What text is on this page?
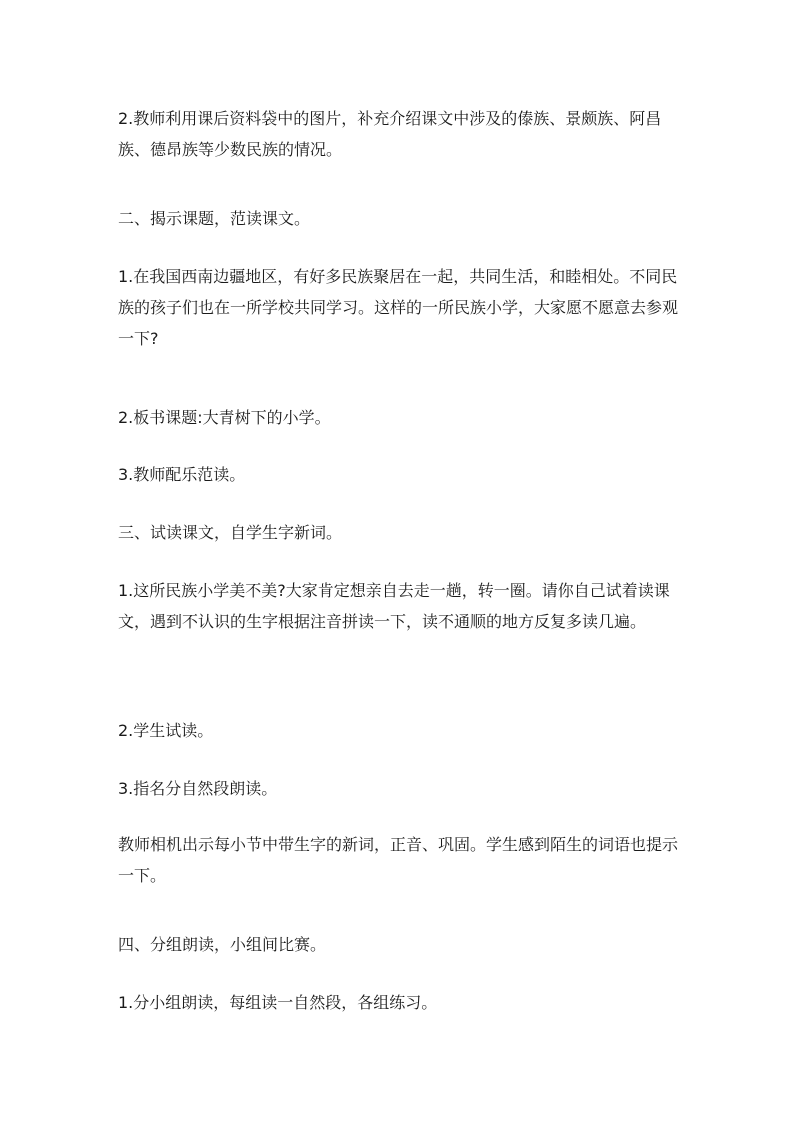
2.教师利用课后资料袋中的图片，补充介绍课文中涉及的傣族、景颇族、阿昌族、德昂族等少数民族的情况。

二、揭示课题，范读课文。

1.在我国西南边疆地区，有好多民族聚居在一起，共同生活，和睦相处。不同民族的孩子们也在一所学校共同学习。这样的一所民族小学，大家愿不愿意去参观一下?

2.板书课题:大青树下的小学。

3.教师配乐范读。

三、试读课文，自学生字新词。

1.这所民族小学美不美?大家肯定想亲自去走一趟，转一圈。请你自己试着读课文，遇到不认识的生字根据注音拼读一下，读不通顺的地方反复多读几遍。

2.学生试读。

3.指名分自然段朗读。

教师相机出示每小节中带生字的新词，正音、巩固。学生感到陌生的词语也提示一下。

四、分组朗读，小组间比赛。

1.分小组朗读，每组读一自然段，各组练习。
